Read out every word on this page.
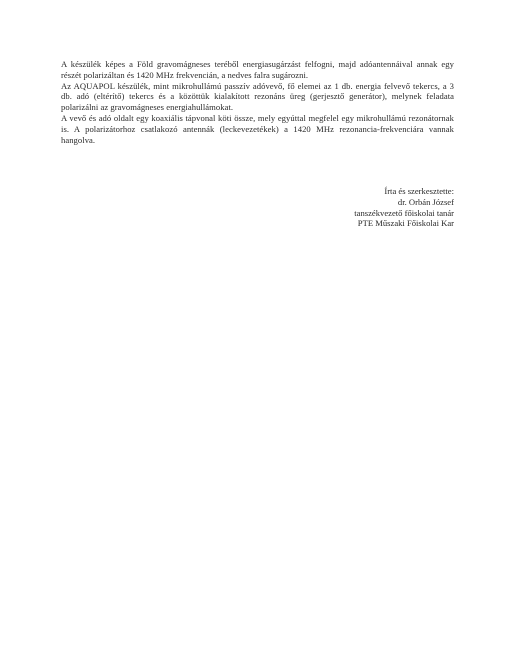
A készülék képes a Föld gravomágneses teréből energiasugárzást felfogni, majd adóantennáival annak egy részét polarizáltan és 1420 MHz frekvencián, a nedves falra sugározni.

Az AQUAPOL készülék, mint mikrohullámú passzív adóvevő, fő elemei az 1 db. energia felvevő tekercs, a 3 db. adó (eltérítő) tekercs és a közöttük kialakított rezonáns üreg (gerjesztő generátor), melynek feladata polarizálni az gravomágneses energiahullámokat.

A vevő és adó oldalt egy koaxiális tápvonal köti össze, mely egyúttal megfelel egy mikrohullámú rezonátornak is. A polarizátorhoz csatlakozó antennák (leckevezetékek) a 1420 MHz rezonancia-frekvenciára vannak hangolva.

Írta és szerkesztette:
dr. Orbán József
tanszékvezető főiskolai tanár
PTE Műszaki Főiskolai Kar
